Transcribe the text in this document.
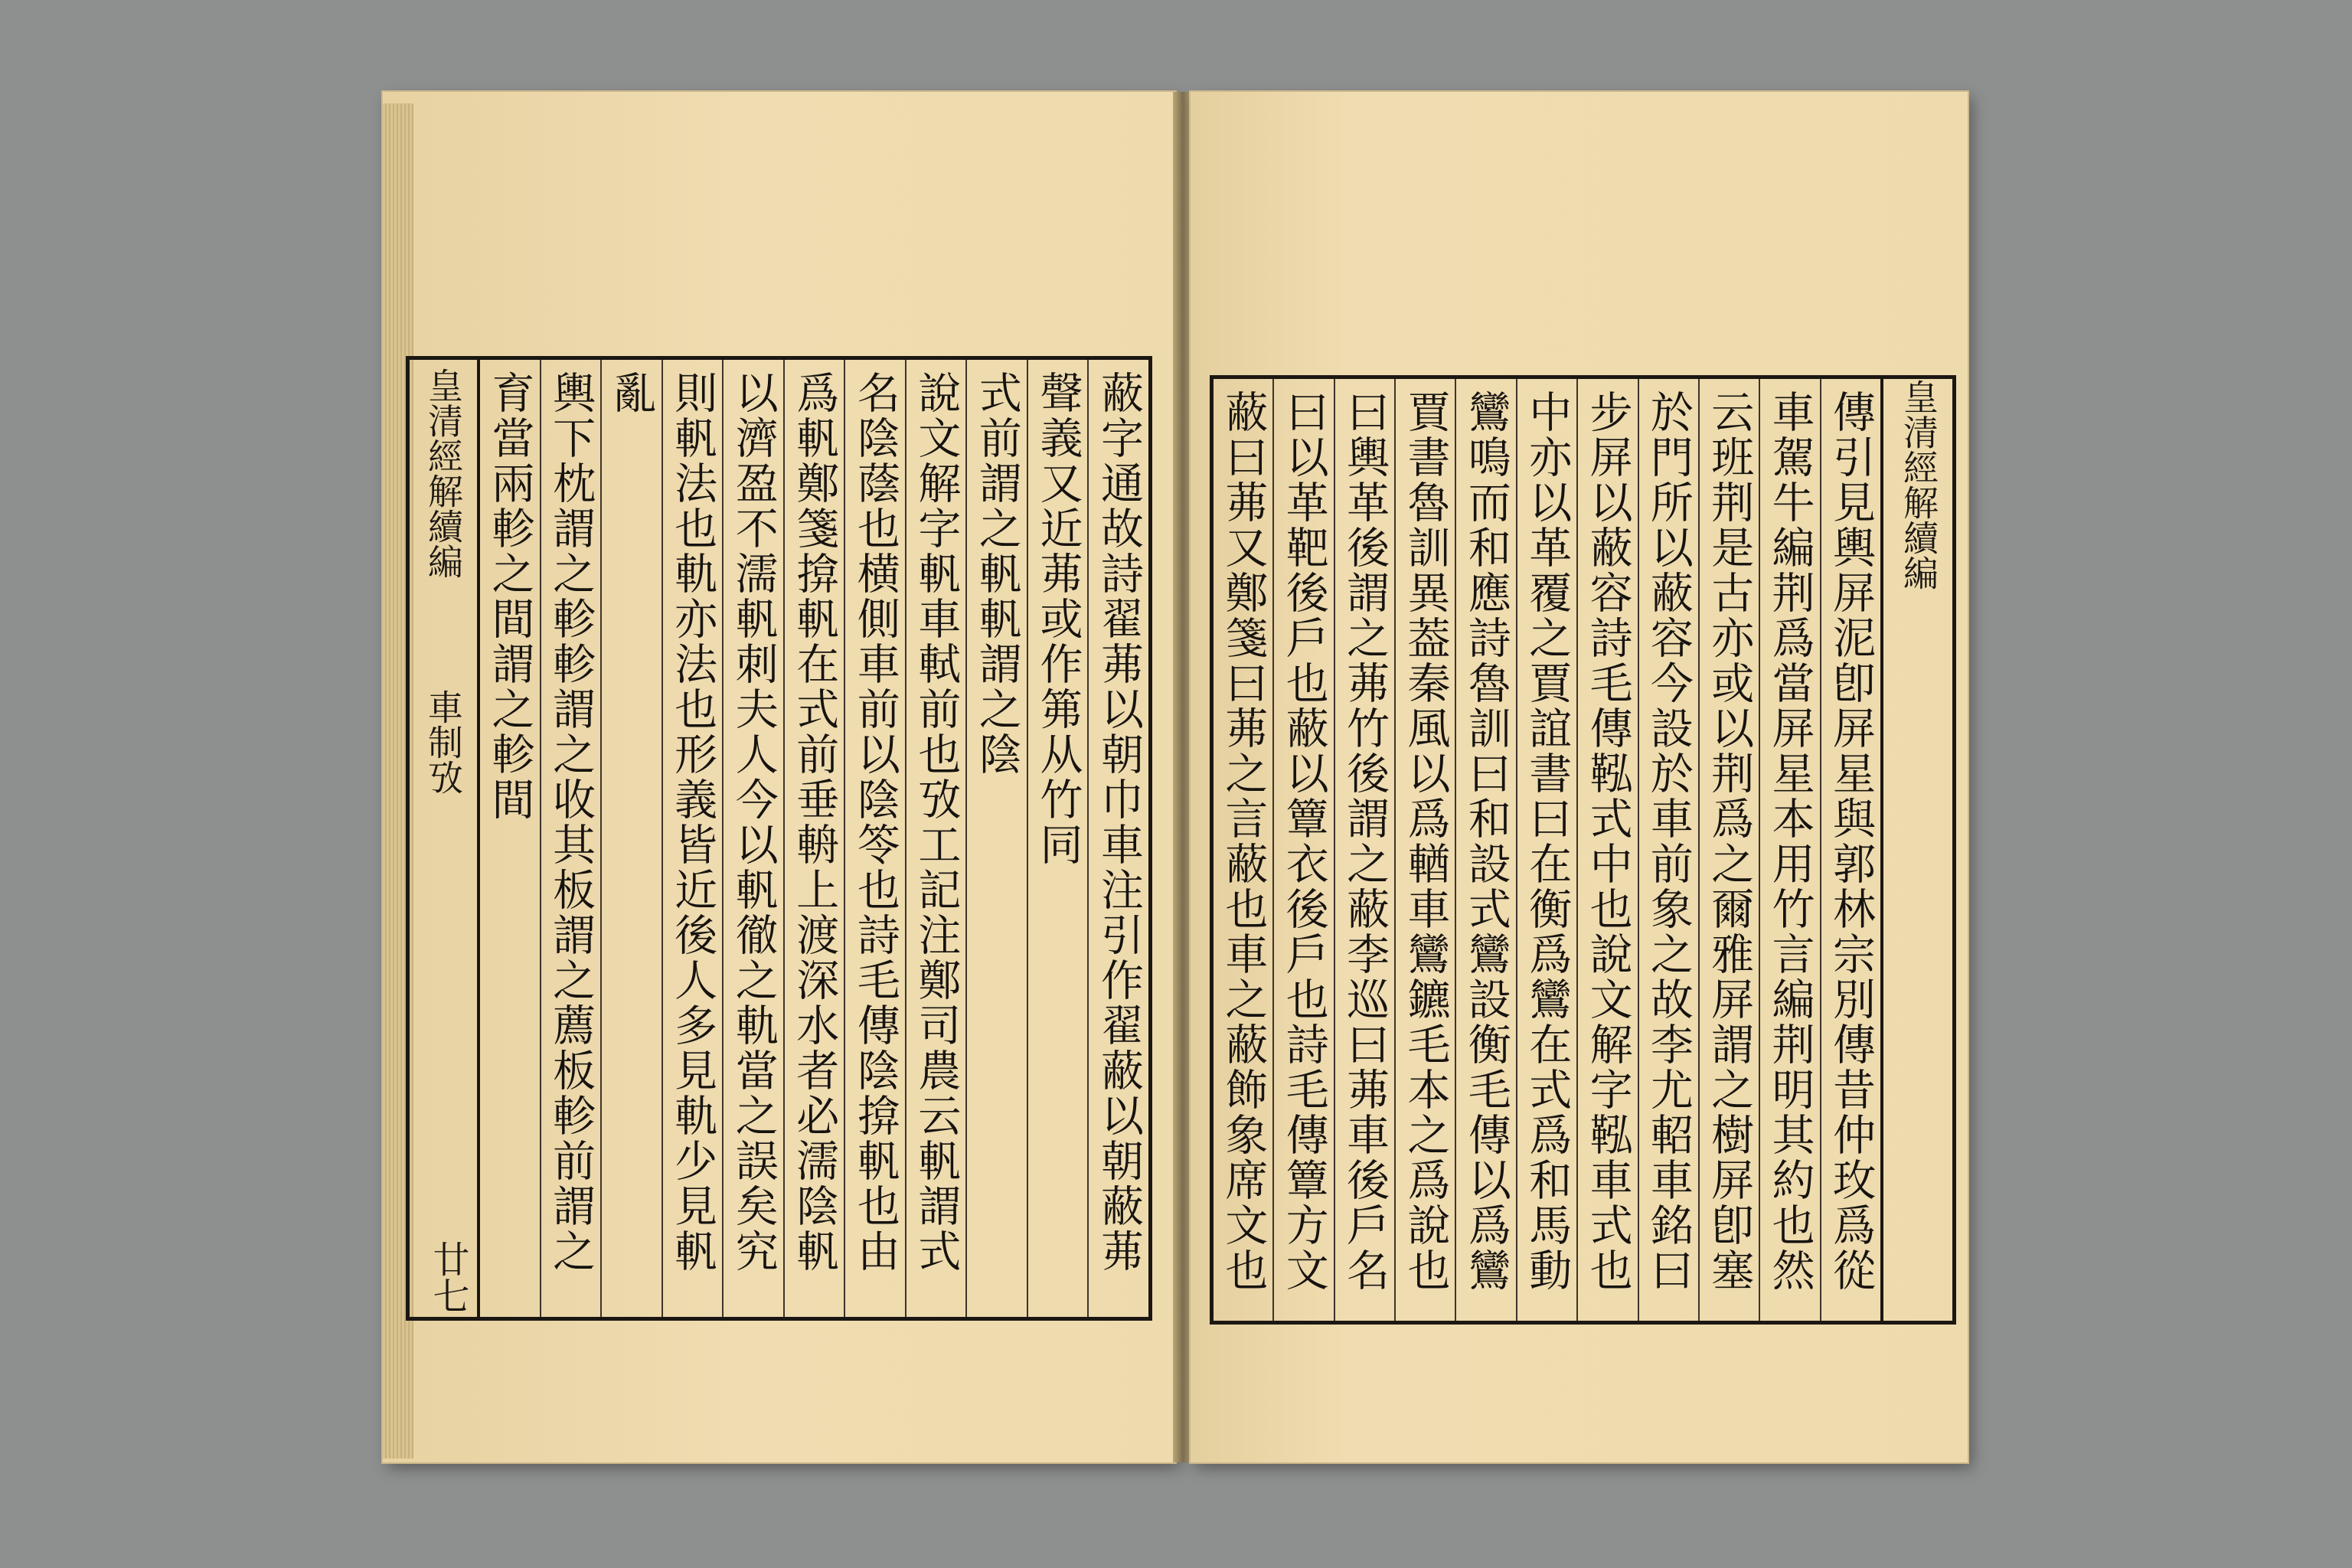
皇清經解續編
車制攷
廿七
蔽字通故詩翟茀以朝巾車注引作翟蔽以朝蔽茀
聲義又近茀或作笰从竹同
式前謂之軓軓謂之陰
說文解字軓車軾前也攷工記注鄭司農云軓謂式
名陰蔭也横側車前以陰笭也詩毛傳陰揜軓也由
爲軓鄭箋揜軓在式前垂輈上渡深水者必濡陰軓
以濟盈不濡軓刺夫人今以軓徹之軌當之誤矣究
則軓法也軌亦法也形義皆近後人多見軌少見軓
亂
輿下枕謂之軫軫謂之收其板謂之薦板軫前謂之
育當兩軫之間謂之軫間	皇清經解續編
傳引見輿屏泥卽屏星與郭林宗別傳昔仲玫爲從
車駕牛編荆爲當屏星本用竹言編荆明其約也然
云班荆是古亦或以荆爲之爾雅屏謂之樹屏卽塞
於門所以蔽容今設於車前象之故李尤軺車銘曰
步屏以蔽容詩毛傳鞃式中也說文解字鞃車式也
中亦以革覆之賈誼書曰在衡爲鸞在式爲和馬動
鸞鳴而和應詩魯訓曰和設式鸞設衡毛傳以爲鸞
賈書魯訓異葢秦風以爲輶車鸞鑣毛本之爲說也
曰輿革後謂之茀竹後謂之蔽李巡曰茀車後戶名
曰以革靶後戶也蔽以簟衣後戶也詩毛傳簟方文
蔽曰茀又鄭箋曰茀之言蔽也車之蔽飾象席文也
